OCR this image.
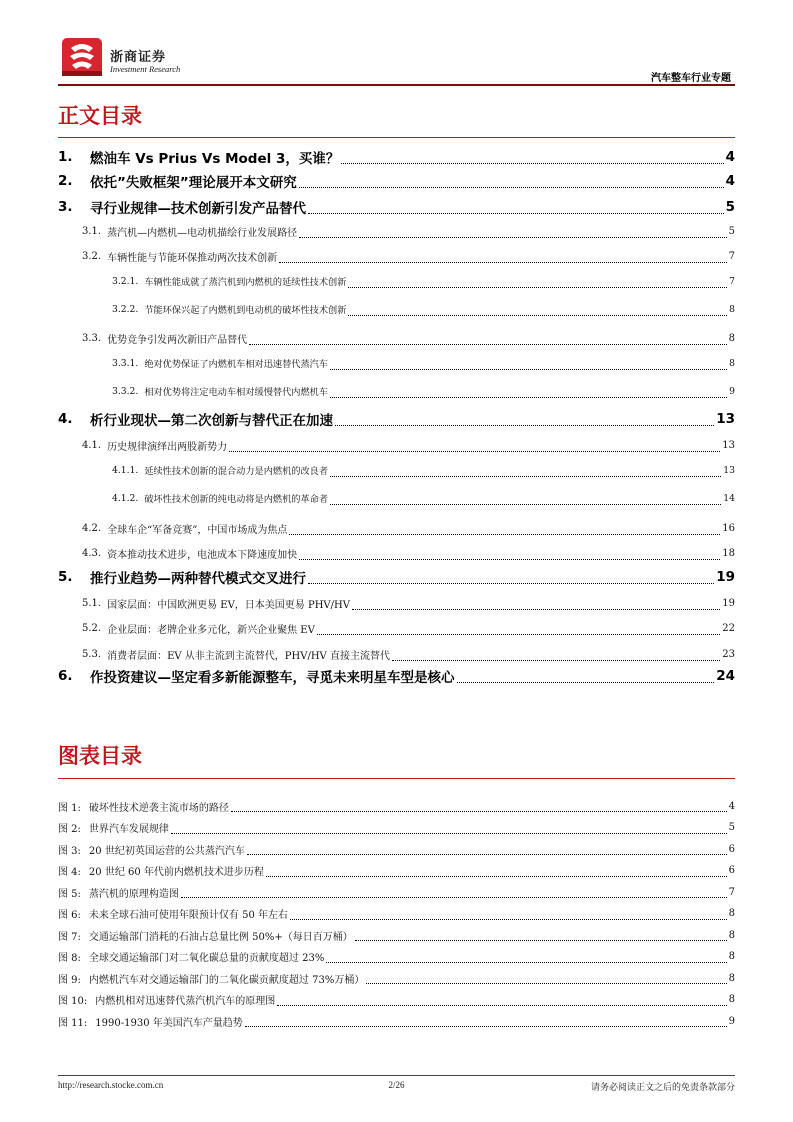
浙商证券
Investment Research
汽车整车行业专题
正文目录
1.	燃油车 Vs Prius Vs Model 3，买谁？	4
2.	依托”失败框架”理论展开本文研究	4
3.	寻行业规律—技术创新引发产品替代	5
3.1. 蒸汽机—内燃机—电动机描绘行业发展路径	5
3.2. 车辆性能与节能环保推动两次技术创新	7
3.2.1. 车辆性能成就了蒸汽机到内燃机的延续性技术创新	7
3.2.2. 节能环保兴起了内燃机到电动机的破坏性技术创新	8
3.3. 优势竞争引发两次新旧产品替代	8
3.3.1. 绝对优势保证了内燃机车相对迅速替代蒸汽车	8
3.3.2. 相对优势将注定电动车相对缓慢替代内燃机车	9
4.	析行业现状—第二次创新与替代正在加速	13
4.1. 历史规律演绎出两股新势力	13
4.1.1. 延续性技术创新的混合动力是内燃机的改良者	13
4.1.2. 破坏性技术创新的纯电动将是内燃机的革命者	14
4.2. 全球车企“军备竞赛”，中国市场成为焦点	16
4.3. 资本推动技术进步，电池成本下降速度加快	18
5.	推行业趋势—两种替代模式交叉进行	19
5.1. 国家层面：中国欧洲更易 EV，日本美国更易 PHV/HV	19
5.2. 企业层面：老牌企业多元化，新兴企业聚焦 EV	22
5.3. 消费者层面：EV 从非主流到主流替代，PHV/HV 直接主流替代	23
6.	作投资建议—坚定看多新能源整车，寻觅未来明星车型是核心	24
图表目录
图 1: 破坏性技术逆袭主流市场的路径	4
图 2: 世界汽车发展规律	5
图 3: 20 世纪初英国运营的公共蒸汽汽车	6
图 4: 20 世纪 60 年代前内燃机技术进步历程	6
图 5: 蒸汽机的原理构造图	7
图 6: 未来全球石油可使用年限预计仅有 50 年左右	8
图 7: 交通运输部门消耗的石油占总量比例 50%+（每日百万桶）	8
图 8: 全球交通运输部门对二氧化碳总量的贡献度超过 23%	8
图 9: 内燃机汽车对交通运输部门的二氧化碳贡献度超过 73%万桶）	8
图 10: 内燃机相对迅速替代蒸汽机汽车的原理图	8
图 11: 1990-1930 年美国汽车产量趋势	9
http://research.stocke.com.cn	2/26	请务必阅读正文之后的免责条款部分
